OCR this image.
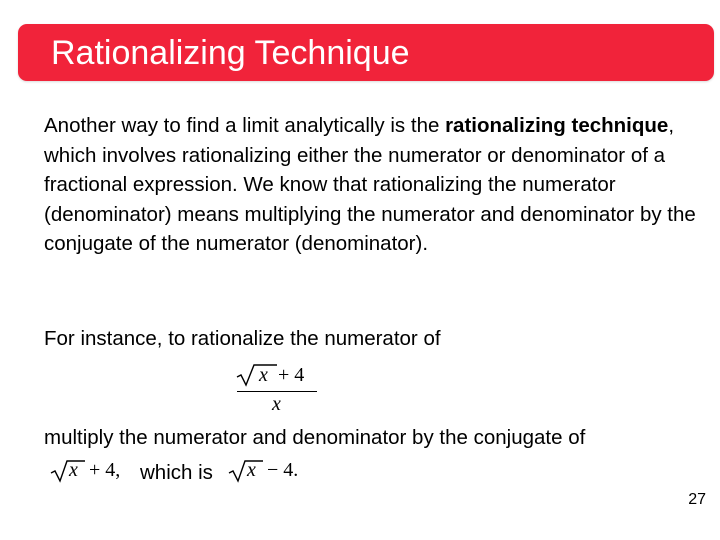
Rationalizing Technique
Another way to find a limit analytically is the rationalizing technique, which involves rationalizing either the numerator or denominator of a fractional expression. We know that rationalizing the numerator (denominator) means multiplying the numerator and denominator by the conjugate of the numerator (denominator).
For instance, to rationalize the numerator of
x + 4
x
multiply the numerator and denominator by the conjugate of
x + 4, which is x − 4.
27
